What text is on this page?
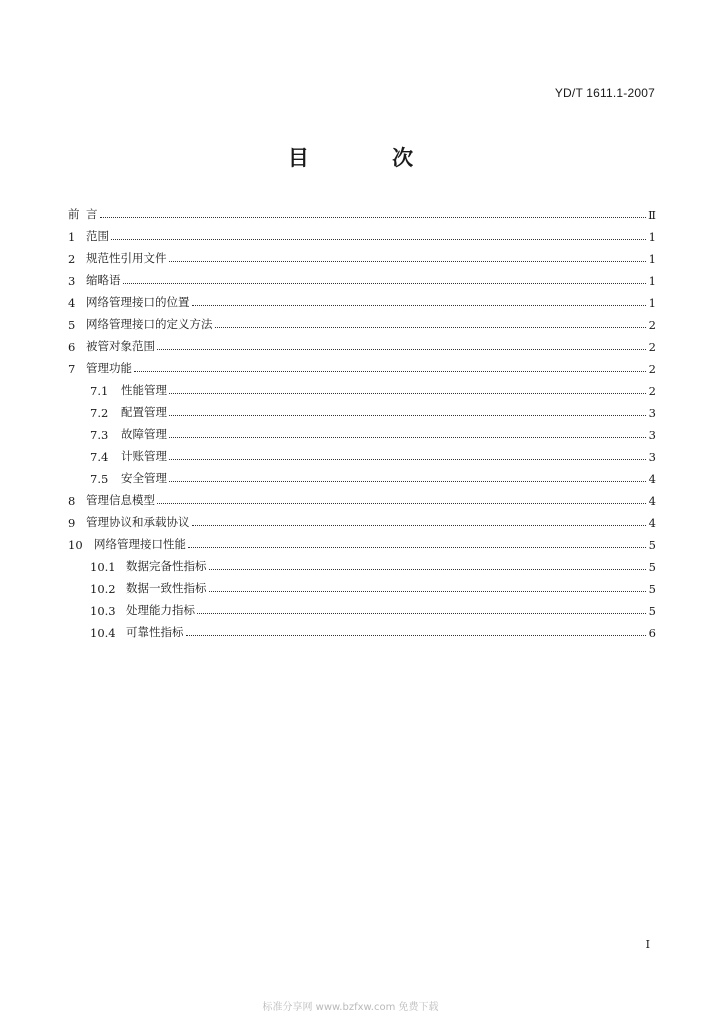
YD/T 1611.1-2007
目 次
前 言	Ⅱ
1 范围	1
2 规范性引用文件	1
3 缩略语	1
4 网络管理接口的位置	1
5 网络管理接口的定义方法	2
6 被管对象范围	2
7 管理功能	2
7.1	性能管理	2
7.2	配置管理	3
7.3	故障管理	3
7.4	计账管理	3
7.5	安全管理	4
8 管理信息模型	4
9 管理协议和承载协议	4
10 网络管理接口性能	5
10.1 数据完备性指标	5
10.2 数据一致性指标	5
10.3 处理能力指标	5
10.4 可靠性指标	6
I
标准分享网 www.bzfxw.com 免费下载
